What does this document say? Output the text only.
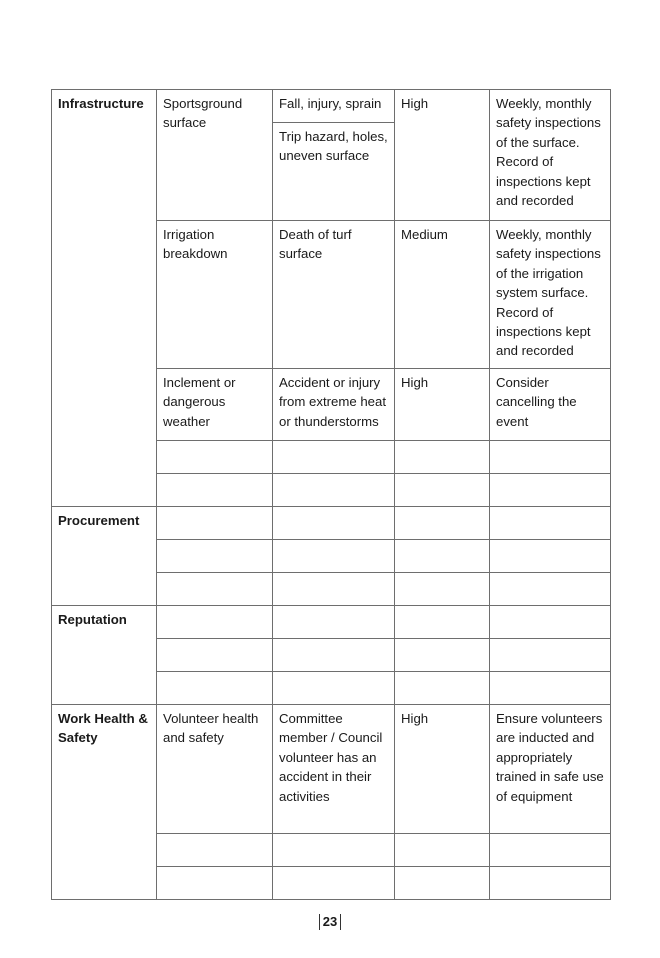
Infrastructure	Sportsground surface	Fall, injury, sprain	High	Weekly, monthly safety inspections of the surface. Record of inspections kept and recorded
		Trip hazard, holes, uneven surface		
	Irrigation breakdown	Death of turf surface	Medium	Weekly, monthly safety inspections of the irrigation system surface. Record of inspections kept and recorded
	Inclement or dangerous weather	Accident or injury from extreme heat or thunderstorms	High	Consider cancelling the event

Procurement				

Reputation				

Work Health & Safety	Volunteer health and safety	Committee member / Council volunteer has an accident in their activities	High	Ensure volunteers are inducted and appropriately trained in safe use of equipment

23
